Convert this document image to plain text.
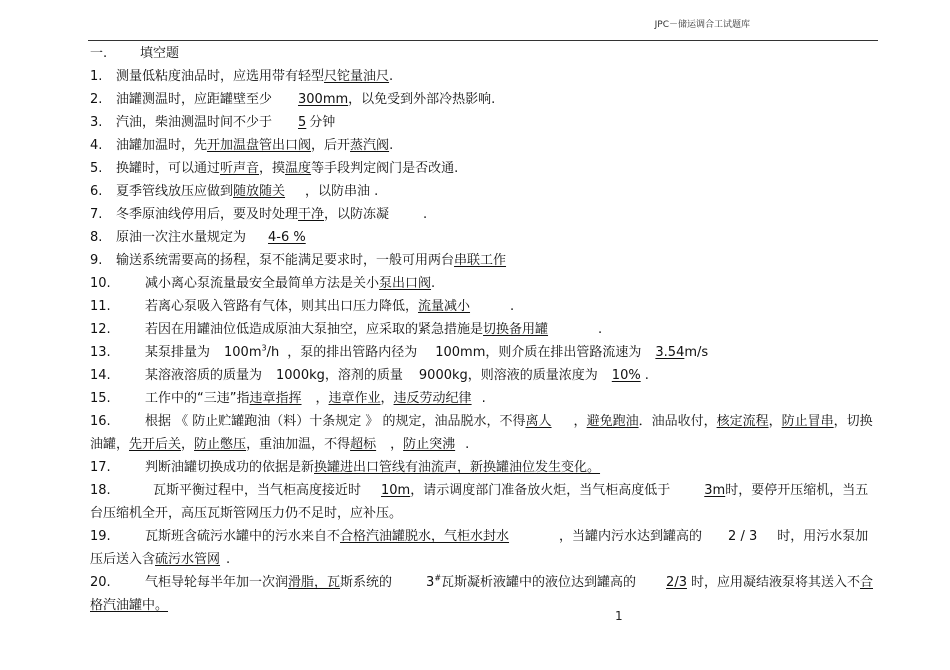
JPC－储运调合工试题库
一.	填空题
1. 测量低粘度油品时，应选用带有轻型尺铊量油尺.
2. 油罐测温时，应距罐壁至少 300mm，以免受到外部冷热影响.
3. 汽油，柴油测温时间不少于 5 分钟
4. 油罐加温时，先开加温盘管出口阀，后开蒸汽阀.
5. 换罐时，可以通过听声音，摸温度等手段判定阀门是否改通.
6. 夏季管线放压应做到随放随关 ，以防串油 .
7. 冬季原油线停用后，要及时处理干净，以防冻凝	.
8. 原油一次注水量规定为 4-6 %
9. 输送系统需要高的扬程，泵不能满足要求时，一般可用两台串联工作
10.	减小离心泵流量最安全最简单方法是关小泵出口阀.
11.	若离心泵吸入管路有气体，则其出口压力降低，流量减小	.
12.	若因在用罐油位低造成原油大泵抽空，应采取的紧急措施是切换备用罐	.
13.	某泵排量为 $100m^3/h$ ，泵的排出管路内径为 100mm，则介质在排出管路流速为 3.54m/s
14.	某溶液溶质的质量为 1000kg，溶剂的质量 9000kg，则溶液的质量浓度为 10% .
15.	工作中的“三违”指违章指挥 ，违章作业，违反劳动纪律 .
16.	根据 《 防止贮罐跑油（料）十条规定 》 的规定，油品脱水，不得离人 ，避免跑油．油品收付，核定流程，防止冒串，切换油罐，先开后关，防止憋压，重油加温，不得超标 ，防止突沸 .
17.	判断油罐切换成功的依据是新换罐进出口管线有油流声，新换罐油位发生变化。
18.	瓦斯平衡过程中，当气柜高度接近时 10m，请示调度部门准备放火炬，当气柜高度低于	3m时，要停开压缩机，当五台压缩机全开，高压瓦斯管网压力仍不足时，应补压。
19.	瓦斯班含硫污水罐中的污水来自不合格汽油罐脱水，气柜水封水	，当罐内污水达到罐高的 2 / 3 时，用污水泵加压后送入含硫污水管网 .
20.	气柜导轮每半年加一次润滑脂，瓦斯系统的	3#瓦斯凝析液罐中的液位达到罐高的 2/3 时，应用凝结液泵将其送入不合格汽油罐中。
1
